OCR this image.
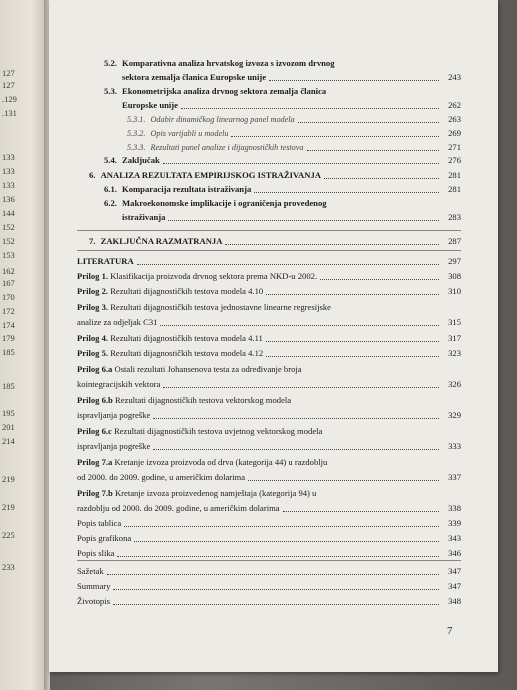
127
127
.129
.131
133
133
133
136
144
152
152
153
162
167
170
172
174
179
185
185
195
201
214
219
219
225
233
5.2. Komparativna analiza hrvatskog izvoza s izvozom drvnog
sektora zemalja članica Europske unije	243
5.3. Ekonometrijska analiza drvnog sektora zemalja članica
Europske unije	262
5.3.1. Odabir dinamičkog linearnog panel modela	263
5.3.2. Opis varijabli u modelu	269
5.3.3. Rezultati panel analize i dijagnostičkih testova	271
5.4. Zaključak	276
6. ANALIZA REZULTATA EMPIRIJSKOG ISTRAŽIVANJA	281
6.1. Komparacija rezultata istraživanja	281
6.2. Makroekonomske implikacije i ograničenja provedenog
istraživanja	283
7. ZAKLJUČNA RAZMATRANJA	287
LITERATURA	297
Prilog 1. Klasifikacija proizvoda drvnog sektora prema NKD-u 2002.	308
Prilog 2. Rezultati dijagnostičkih testova modela 4.10	310
Prilog 3. Rezultati dijagnostičkih testova jednostavne linearne regresijske
analize za odjeljak C31	315
Prilog 4. Rezultati dijagnostičkih testova modela 4.11	317
Prilog 5. Rezultati dijagnostičkih testova modela 4.12	323
Prilog 6.a Ostali rezultati Johansenova testa za određivanje broja
kointegracijskih vektora	326
Prilog 6.b Rezultati dijagnostičkih testova vektorskog modela
ispravljanja pogreške	329
Prilog 6.c Rezultati dijagnostičkih testova uvjetnog vektorskog modela
ispravljanja pogreške	333
Prilog 7.a Kretanje izvoza proizvoda od drva (kategorija 44) u razdoblju
od 2000. do 2009. godine, u američkim dolarima	337
Prilog 7.b Kretanje izvoza proizvedenog namještaja (kategorija 94) u
razdoblju od 2000. do 2009. godine, u američkim dolarima	338
Popis tablica	339
Popis grafikona	343
Popis slika	346
Sažetak	347
Summary	347
Životopis	348
7
